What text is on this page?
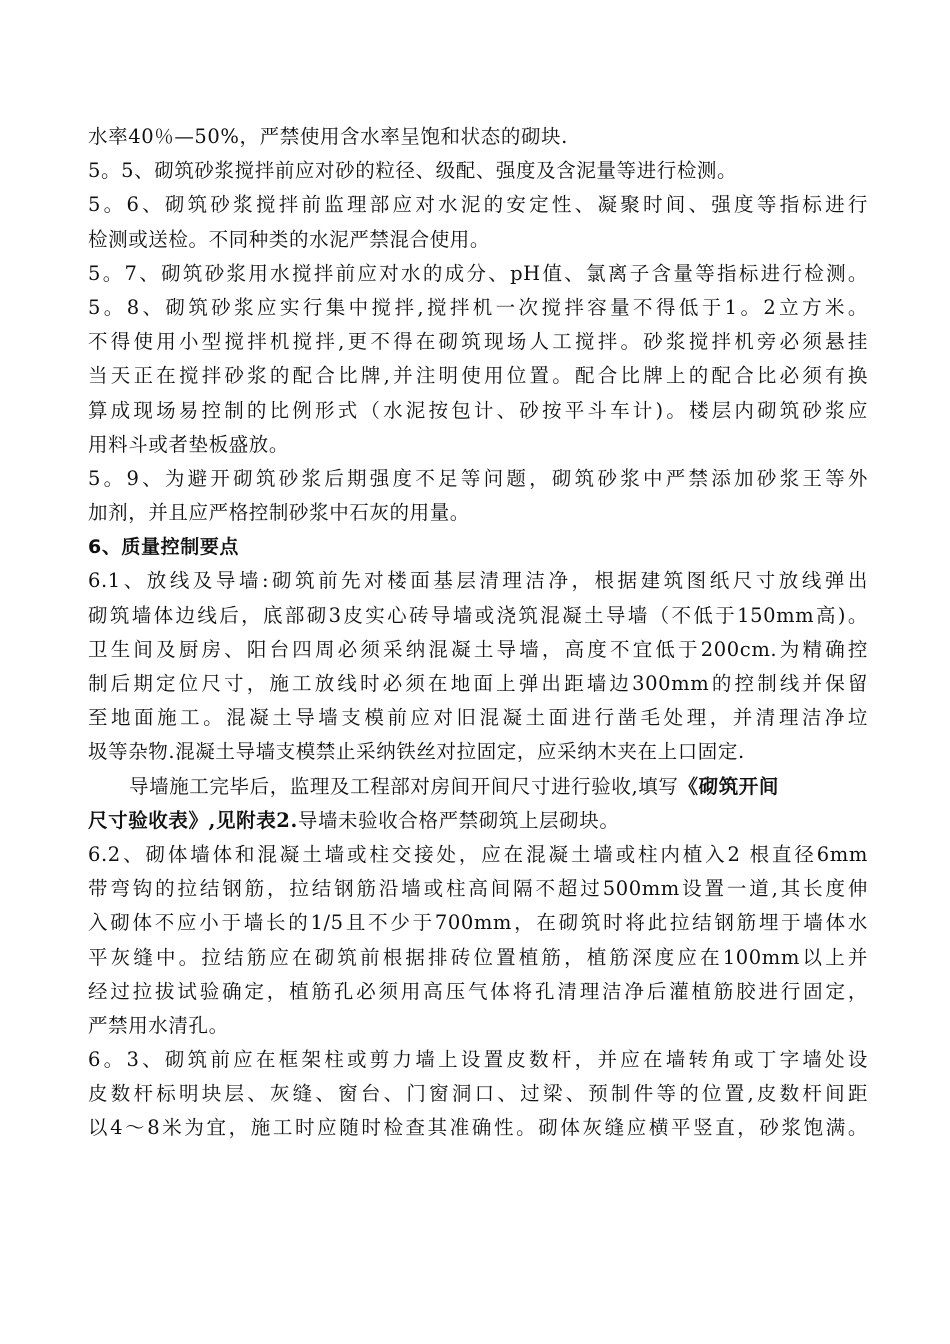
水率40％—50%，严禁使用含水率呈饱和状态的砌块.
5。5、砌筑砂浆搅拌前应对砂的粒径、级配、强度及含泥量等进行检测。
5。6、砌筑砂浆搅拌前监理部应对水泥的安定性、凝聚时间、强度等指标进行
检测或送检。不同种类的水泥严禁混合使用。
5。7、砌筑砂浆用水搅拌前应对水的成分、pH值、氯离子含量等指标进行检测。
5。8、砌筑砂浆应实行集中搅拌,搅拌机一次搅拌容量不得低于1。2立方米。
不得使用小型搅拌机搅拌,更不得在砌筑现场人工搅拌。砂浆搅拌机旁必须悬挂
当天正在搅拌砂浆的配合比牌,并注明使用位置。配合比牌上的配合比必须有换
算成现场易控制的比例形式（水泥按包计、砂按平斗车计)。楼层内砌筑砂浆应
用料斗或者垫板盛放。
5。9、为避开砌筑砂浆后期强度不足等问题，砌筑砂浆中严禁添加砂浆王等外
加剂，并且应严格控制砂浆中石灰的用量。
6、质量控制要点
6.1、放线及导墙:砌筑前先对楼面基层清理洁净，根据建筑图纸尺寸放线弹出
砌筑墙体边线后，底部砌3皮实心砖导墙或浇筑混凝土导墙（不低于150mm高)。
卫生间及厨房、阳台四周必须采纳混凝土导墙，高度不宜低于200cm.为精确控
制后期定位尺寸，施工放线时必须在地面上弹出距墙边300mm的控制线并保留
至地面施工。混凝土导墙支模前应对旧混凝土面进行凿毛处理，并清理洁净垃
圾等杂物.混凝土导墙支模禁止采纳铁丝对拉固定，应采纳木夹在上口固定.
导墙施工完毕后，监理及工程部对房间开间尺寸进行验收,填写《砌筑开间
尺寸验收表》,见附表2.导墙未验收合格严禁砌筑上层砌块。
6.2、砌体墙体和混凝土墙或柱交接处，应在混凝土墙或柱内植入2 根直径6mm
带弯钩的拉结钢筋，拉结钢筋沿墙或柱高间隔不超过500mm设置一道,其长度伸
入砌体不应小于墙长的1/5且不少于700mm，在砌筑时将此拉结钢筋埋于墙体水
平灰缝中。拉结筋应在砌筑前根据排砖位置植筋，植筋深度应在100mm以上并
经过拉拔试验确定，植筋孔必须用高压气体将孔清理洁净后灌植筋胶进行固定，
严禁用水清孔。
6。3、砌筑前应在框架柱或剪力墙上设置皮数杆，并应在墙转角或丁字墙处设
皮数杆标明块层、灰缝、窗台、门窗洞口、过梁、预制件等的位置,皮数杆间距
以4～8米为宜，施工时应随时检查其准确性。砌体灰缝应横平竖直，砂浆饱满。
